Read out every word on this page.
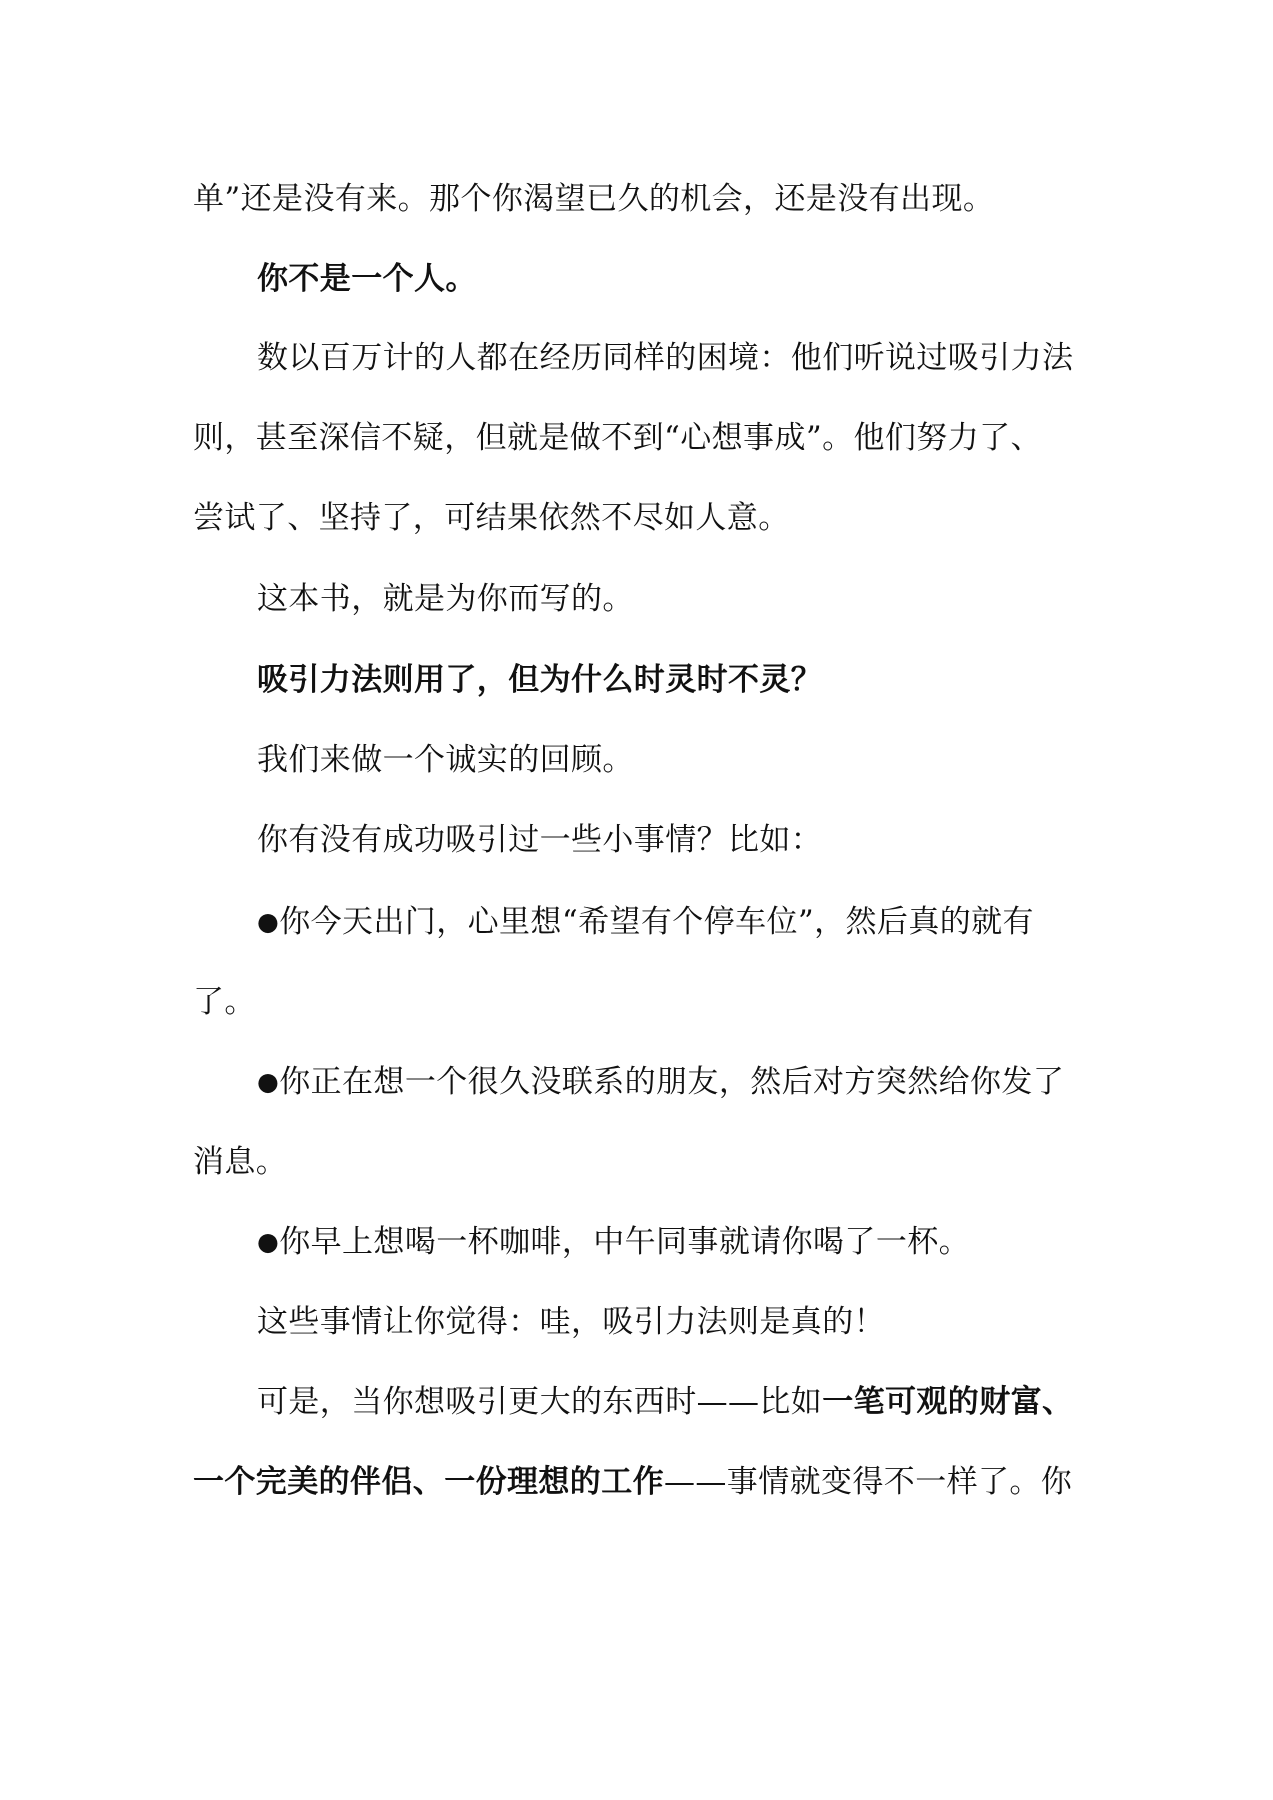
单”还是没有来。那个你渴望已久的机会，还是没有出现。
你不是一个人。
数以百万计的人都在经历同样的困境：他们听说过吸引力法
则，甚至深信不疑，但就是做不到“心想事成”。他们努力了、
尝试了、坚持了，可结果依然不尽如人意。
这本书，就是为你而写的。
吸引力法则用了，但为什么时灵时不灵？
我们来做一个诚实的回顾。
你有没有成功吸引过一些小事情？比如：
●你今天出门，心里想“希望有个停车位”，然后真的就有
了。
●你正在想一个很久没联系的朋友，然后对方突然给你发了
消息。
●你早上想喝一杯咖啡，中午同事就请你喝了一杯。
这些事情让你觉得：哇，吸引力法则是真的！
可是，当你想吸引更大的东西时——比如一笔可观的财富、
一个完美的伴侣、一份理想的工作——事情就变得不一样了。你
